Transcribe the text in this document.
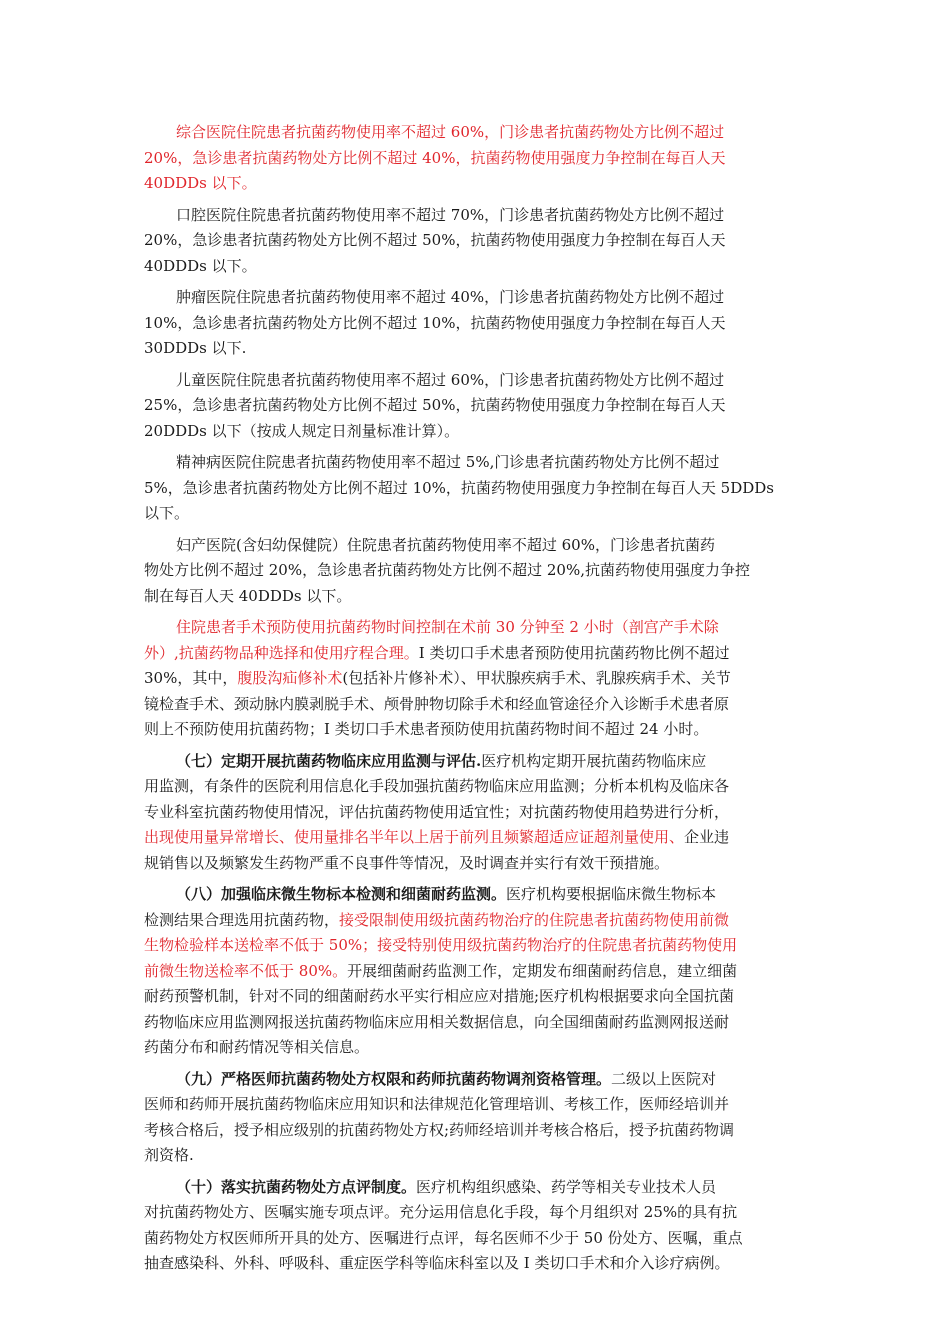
综合医院住院患者抗菌药物使用率不超过 60%，门诊患者抗菌药物处方比例不超过
20%，急诊患者抗菌药物处方比例不超过 40%，抗菌药物使用强度力争控制在每百人天
40DDDs 以下。
口腔医院住院患者抗菌药物使用率不超过 70%，门诊患者抗菌药物处方比例不超过
20%，急诊患者抗菌药物处方比例不超过 50%，抗菌药物使用强度力争控制在每百人天
40DDDs 以下。
肿瘤医院住院患者抗菌药物使用率不超过 40%，门诊患者抗菌药物处方比例不超过
10%，急诊患者抗菌药物处方比例不超过 10%，抗菌药物使用强度力争控制在每百人天
30DDDs 以下.
儿童医院住院患者抗菌药物使用率不超过 60%，门诊患者抗菌药物处方比例不超过
25%，急诊患者抗菌药物处方比例不超过 50%，抗菌药物使用强度力争控制在每百人天
20DDDs 以下（按成人规定日剂量标准计算）。
精神病医院住院患者抗菌药物使用率不超过 5%,门诊患者抗菌药物处方比例不超过
5%，急诊患者抗菌药物处方比例不超过 10%，抗菌药物使用强度力争控制在每百人天 5DDDs
以下。
妇产医院(含妇幼保健院）住院患者抗菌药物使用率不超过 60%，门诊患者抗菌药
物处方比例不超过 20%，急诊患者抗菌药物处方比例不超过 20%,抗菌药物使用强度力争控
制在每百人天 40DDDs 以下。
住院患者手术预防使用抗菌药物时间控制在术前 30 分钟至 2 小时（剖宫产手术除
外）,抗菌药物品种选择和使用疗程合理。I 类切口手术患者预防使用抗菌药物比例不超过
30%，其中，腹股沟疝修补术(包括补片修补术）、甲状腺疾病手术、乳腺疾病手术、关节
镜检查手术、颈动脉内膜剥脱手术、颅骨肿物切除手术和经血管途径介入诊断手术患者原
则上不预防使用抗菌药物；I 类切口手术患者预防使用抗菌药物时间不超过 24 小时。
（七）定期开展抗菌药物临床应用监测与评估.医疗机构定期开展抗菌药物临床应
用监测，有条件的医院利用信息化手段加强抗菌药物临床应用监测；分析本机构及临床各
专业科室抗菌药物使用情况，评估抗菌药物使用适宜性；对抗菌药物使用趋势进行分析，
出现使用量异常增长、使用量排名半年以上居于前列且频繁超适应证超剂量使用、企业违
规销售以及频繁发生药物严重不良事件等情况，及时调查并实行有效干预措施。
（八）加强临床微生物标本检测和细菌耐药监测。医疗机构要根据临床微生物标本
检测结果合理选用抗菌药物，接受限制使用级抗菌药物治疗的住院患者抗菌药物使用前微
生物检验样本送检率不低于 50%；接受特别使用级抗菌药物治疗的住院患者抗菌药物使用
前微生物送检率不低于 80%。开展细菌耐药监测工作，定期发布细菌耐药信息，建立细菌
耐药预警机制，针对不同的细菌耐药水平实行相应应对措施;医疗机构根据要求向全国抗菌
药物临床应用监测网报送抗菌药物临床应用相关数据信息，向全国细菌耐药监测网报送耐
药菌分布和耐药情况等相关信息。
（九）严格医师抗菌药物处方权限和药师抗菌药物调剂资格管理。二级以上医院对
医师和药师开展抗菌药物临床应用知识和法律规范化管理培训、考核工作，医师经培训并
考核合格后，授予相应级别的抗菌药物处方权;药师经培训并考核合格后，授予抗菌药物调
剂资格.
（十）落实抗菌药物处方点评制度。医疗机构组织感染、药学等相关专业技术人员
对抗菌药物处方、医嘱实施专项点评。充分运用信息化手段，每个月组织对 25%的具有抗
菌药物处方权医师所开具的处方、医嘱进行点评，每名医师不少于 50 份处方、医嘱，重点
抽查感染科、外科、呼吸科、重症医学科等临床科室以及 I 类切口手术和介入诊疗病例。
